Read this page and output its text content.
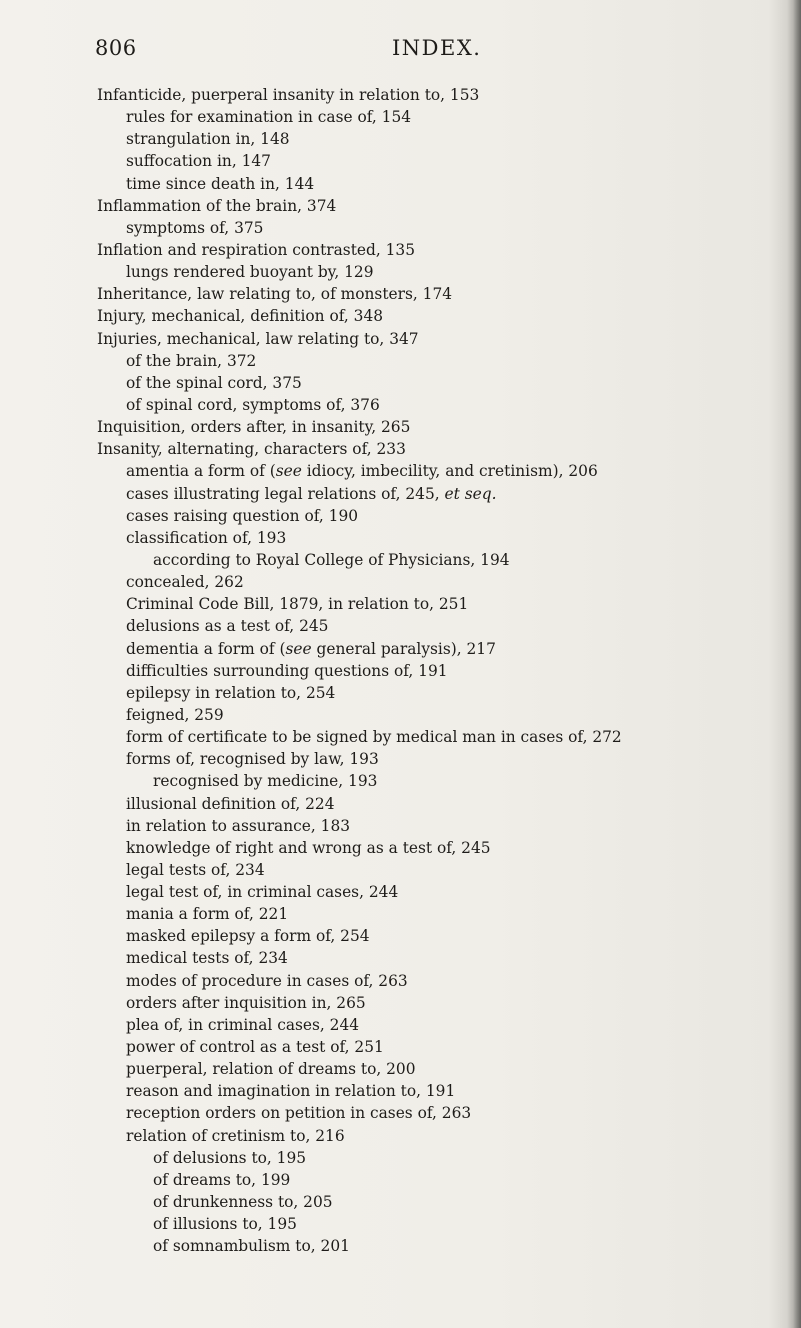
806	INDEX.
Infanticide, puerperal insanity in relation to, 153
rules for examination in case of, 154
strangulation in, 148
suffocation in, 147
time since death in, 144
Inflammation of the brain, 374
symptoms of, 375
Inflation and respiration contrasted, 135
lungs rendered buoyant by, 129
Inheritance, law relating to, of monsters, 174
Injury, mechanical, definition of, 348
Injuries, mechanical, law relating to, 347
of the brain, 372
of the spinal cord, 375
of spinal cord, symptoms of, 376
Inquisition, orders after, in insanity, 265
Insanity, alternating, characters of, 233
amentia a form of (see idiocy, imbecility, and cretinism), 206
cases illustrating legal relations of, 245, et seq.
cases raising question of, 190
classification of, 193
according to Royal College of Physicians, 194
concealed, 262
Criminal Code Bill, 1879, in relation to, 251
delusions as a test of, 245
dementia a form of (see general paralysis), 217
difficulties surrounding questions of, 191
epilepsy in relation to, 254
feigned, 259
form of certificate to be signed by medical man in cases of, 272
forms of, recognised by law, 193
recognised by medicine, 193
illusional definition of, 224
in relation to assurance, 183
knowledge of right and wrong as a test of, 245
legal tests of, 234
legal test of, in criminal cases, 244
mania a form of, 221
masked epilepsy a form of, 254
medical tests of, 234
modes of procedure in cases of, 263
orders after inquisition in, 265
plea of, in criminal cases, 244
power of control as a test of, 251
puerperal, relation of dreams to, 200
reason and imagination in relation to, 191
reception orders on petition in cases of, 263
relation of cretinism to, 216
of delusions to, 195
of dreams to, 199
of drunkenness to, 205
of illusions to, 195
of somnambulism to, 201
